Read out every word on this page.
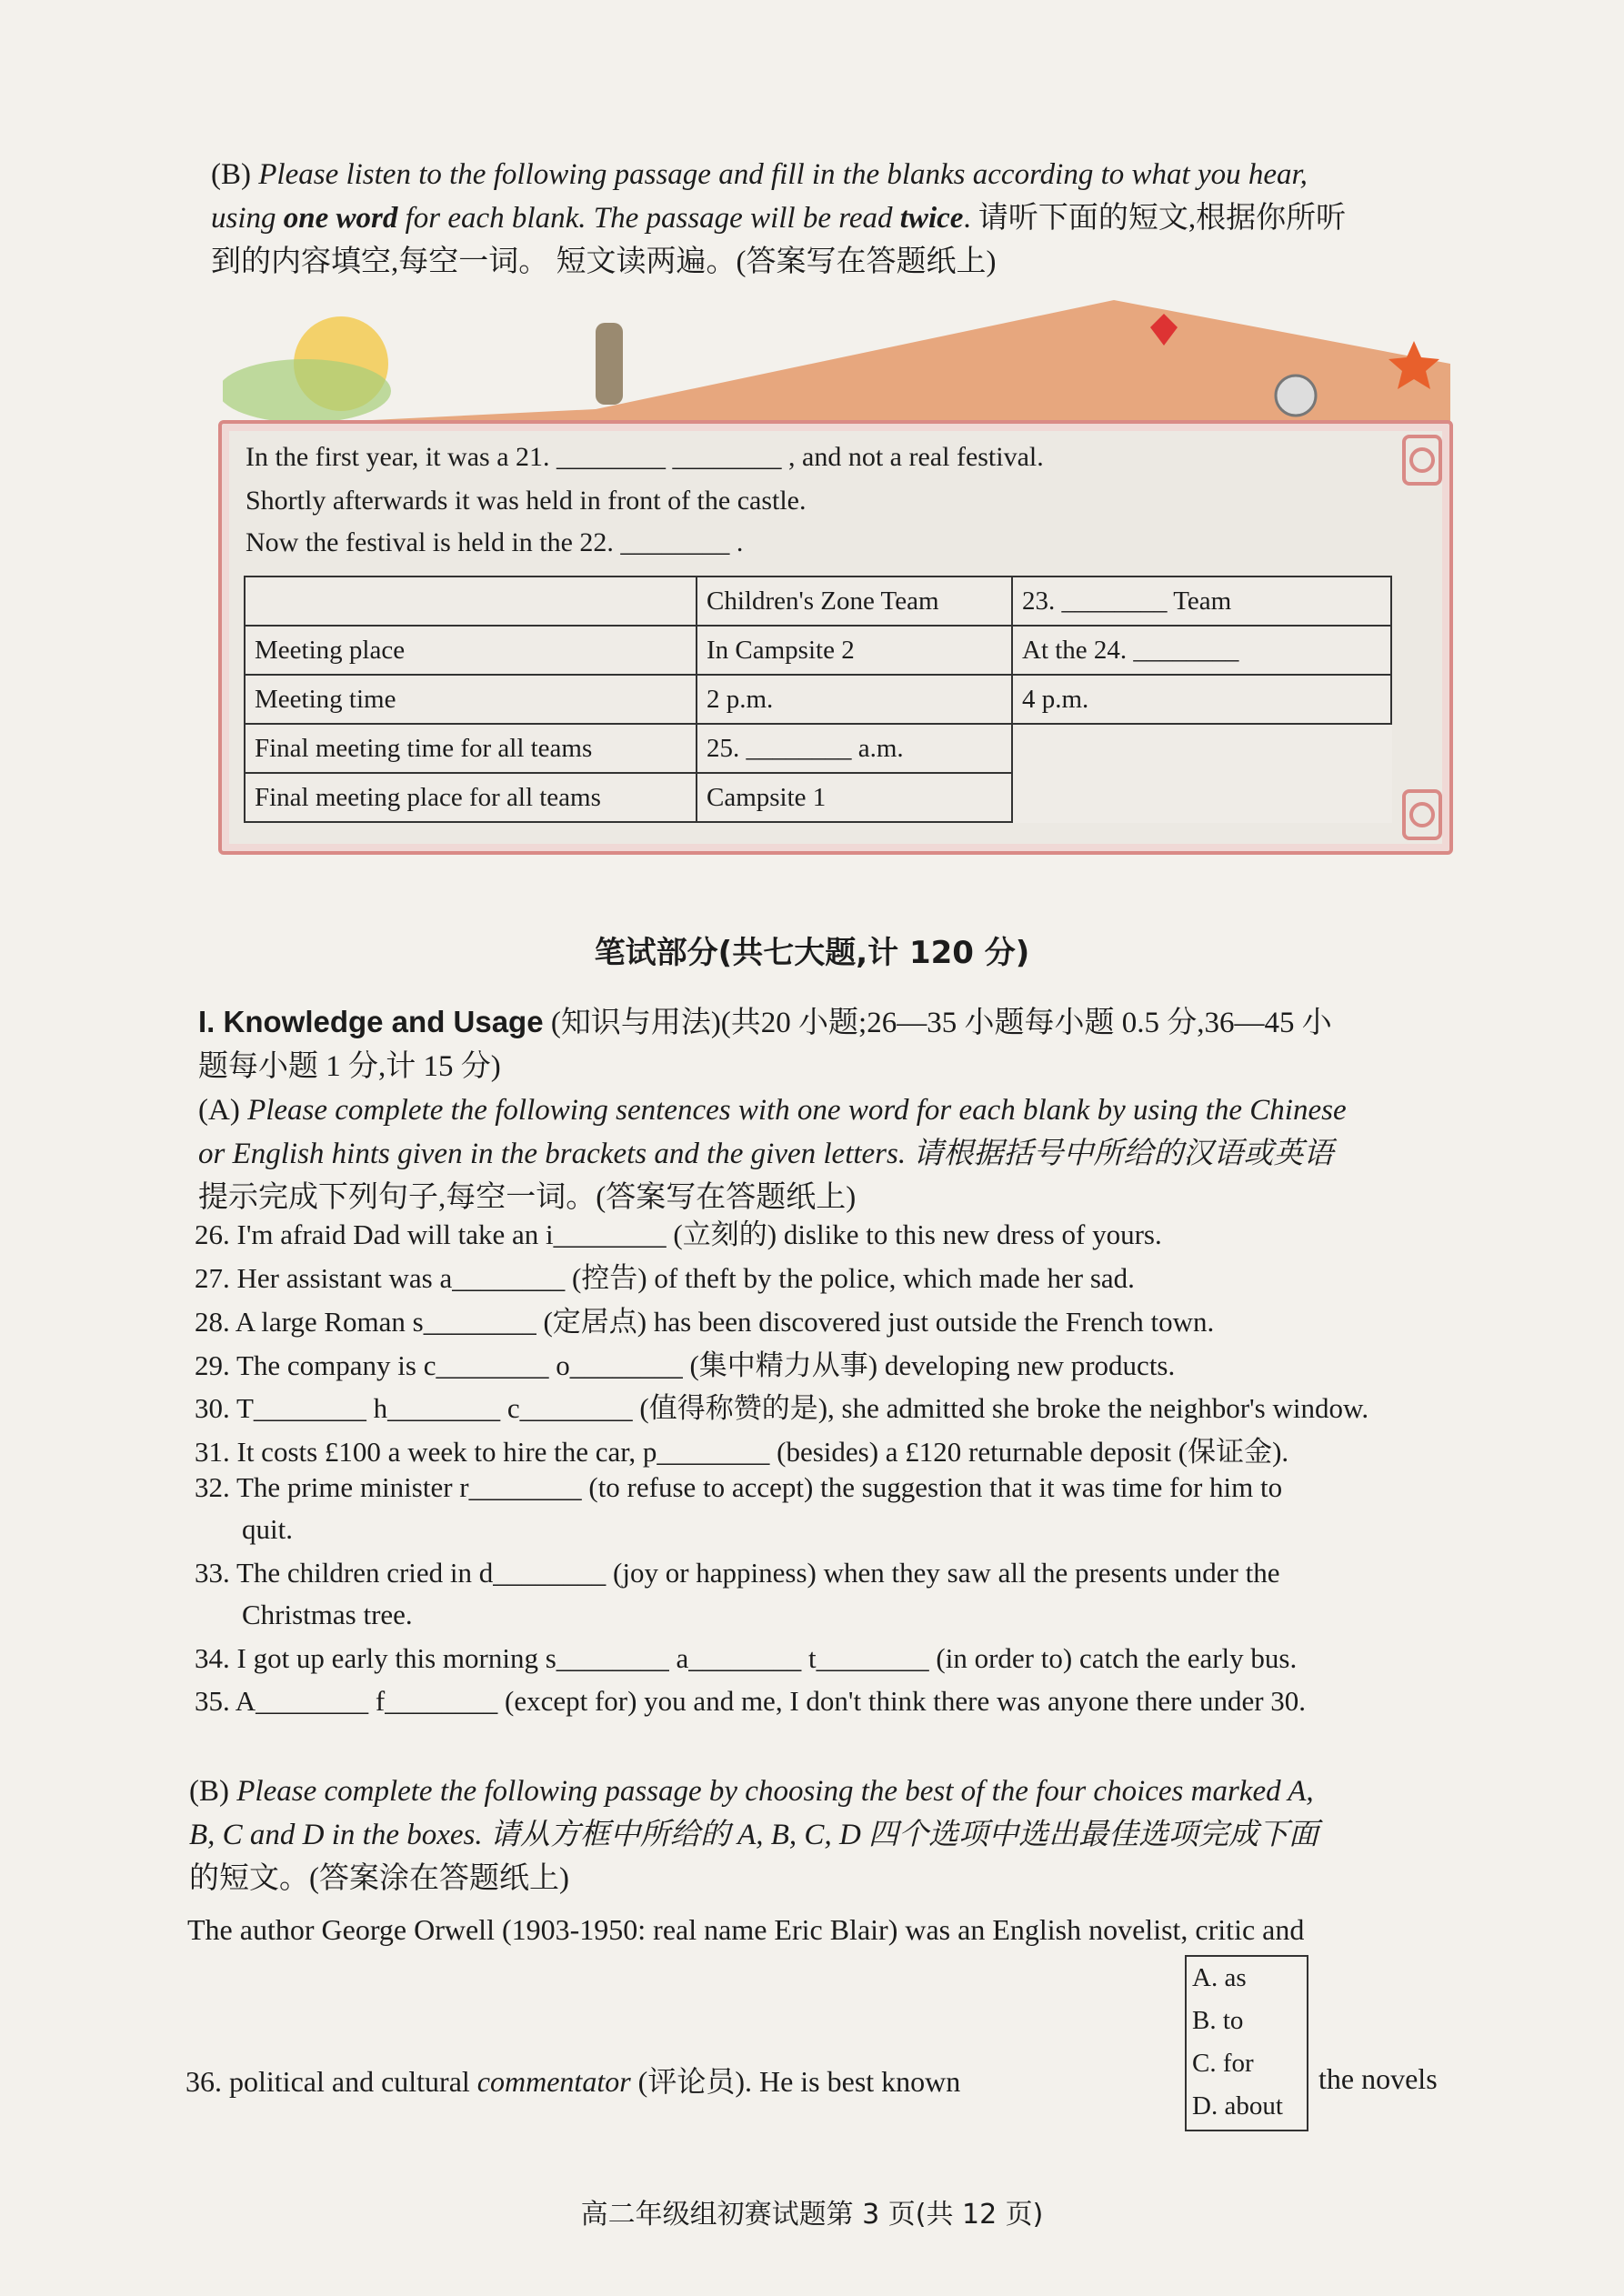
(B) Please listen to the following passage and fill in the blanks according to what you hear,
using one word for each blank. The passage will be read twice. 请听下面的短文,根据你所听
到的内容填空,每空一词。 短文读两遍。(答案写在答题纸上)
In the first year, it was a 21. ________ ________ , and not a real festival.
Shortly afterwards it was held in front of the castle.
Now the festival is held in the 22. ________ .
	Children's Zone Team	23. ________ Team
Meeting place	In Campsite 2	At the 24. ________
Meeting time	2 p.m.	4 p.m.
Final meeting time for all teams	25. ________ a.m.	
Final meeting place for all teams	Campsite 1	
笔试部分(共七大题,计 120 分)
I. Knowledge and Usage (知识与用法)(共20 小题;26—35 小题每小题 0.5 分,36—45 小
题每小题 1 分,计 15 分)
(A) Please complete the following sentences with one word for each blank by using the Chinese
or English hints given in the brackets and the given letters. 请根据括号中所给的汉语或英语
提示完成下列句子,每空一词。(答案写在答题纸上)
26. I'm afraid Dad will take an i________ (立刻的) dislike to this new dress of yours.
27. Her assistant was a________ (控告) of theft by the police, which made her sad.
28. A large Roman s________ (定居点) has been discovered just outside the French town.
29. The company is c________ o________ (集中精力从事) developing new products.
30. T________ h________ c________ (值得称赞的是), she admitted she broke the neighbor's window.
31. It costs £100 a week to hire the car, p________ (besides) a £120 returnable deposit (保证金).
32. The prime minister r________ (to refuse to accept) the suggestion that it was time for him to
quit.
33. The children cried in d________ (joy or happiness) when they saw all the presents under the
Christmas tree.
34. I got up early this morning s________ a________ t________ (in order to) catch the early bus.
35. A________ f________ (except for) you and me, I don't think there was anyone there under 30.
(B) Please complete the following passage by choosing the best of the four choices marked A,
B, C and D in the boxes. 请从方框中所给的 A, B, C, D 四个选项中选出最佳选项完成下面
的短文。(答案涂在答题纸上)
The author George Orwell (1903-1950: real name Eric Blair) was an English novelist, critic and
36. political and cultural commentator (评论员). He is best known	the novels
A. as
B. to
C. for
D. about
高二年级组初赛试题第 3 页(共 12 页)
